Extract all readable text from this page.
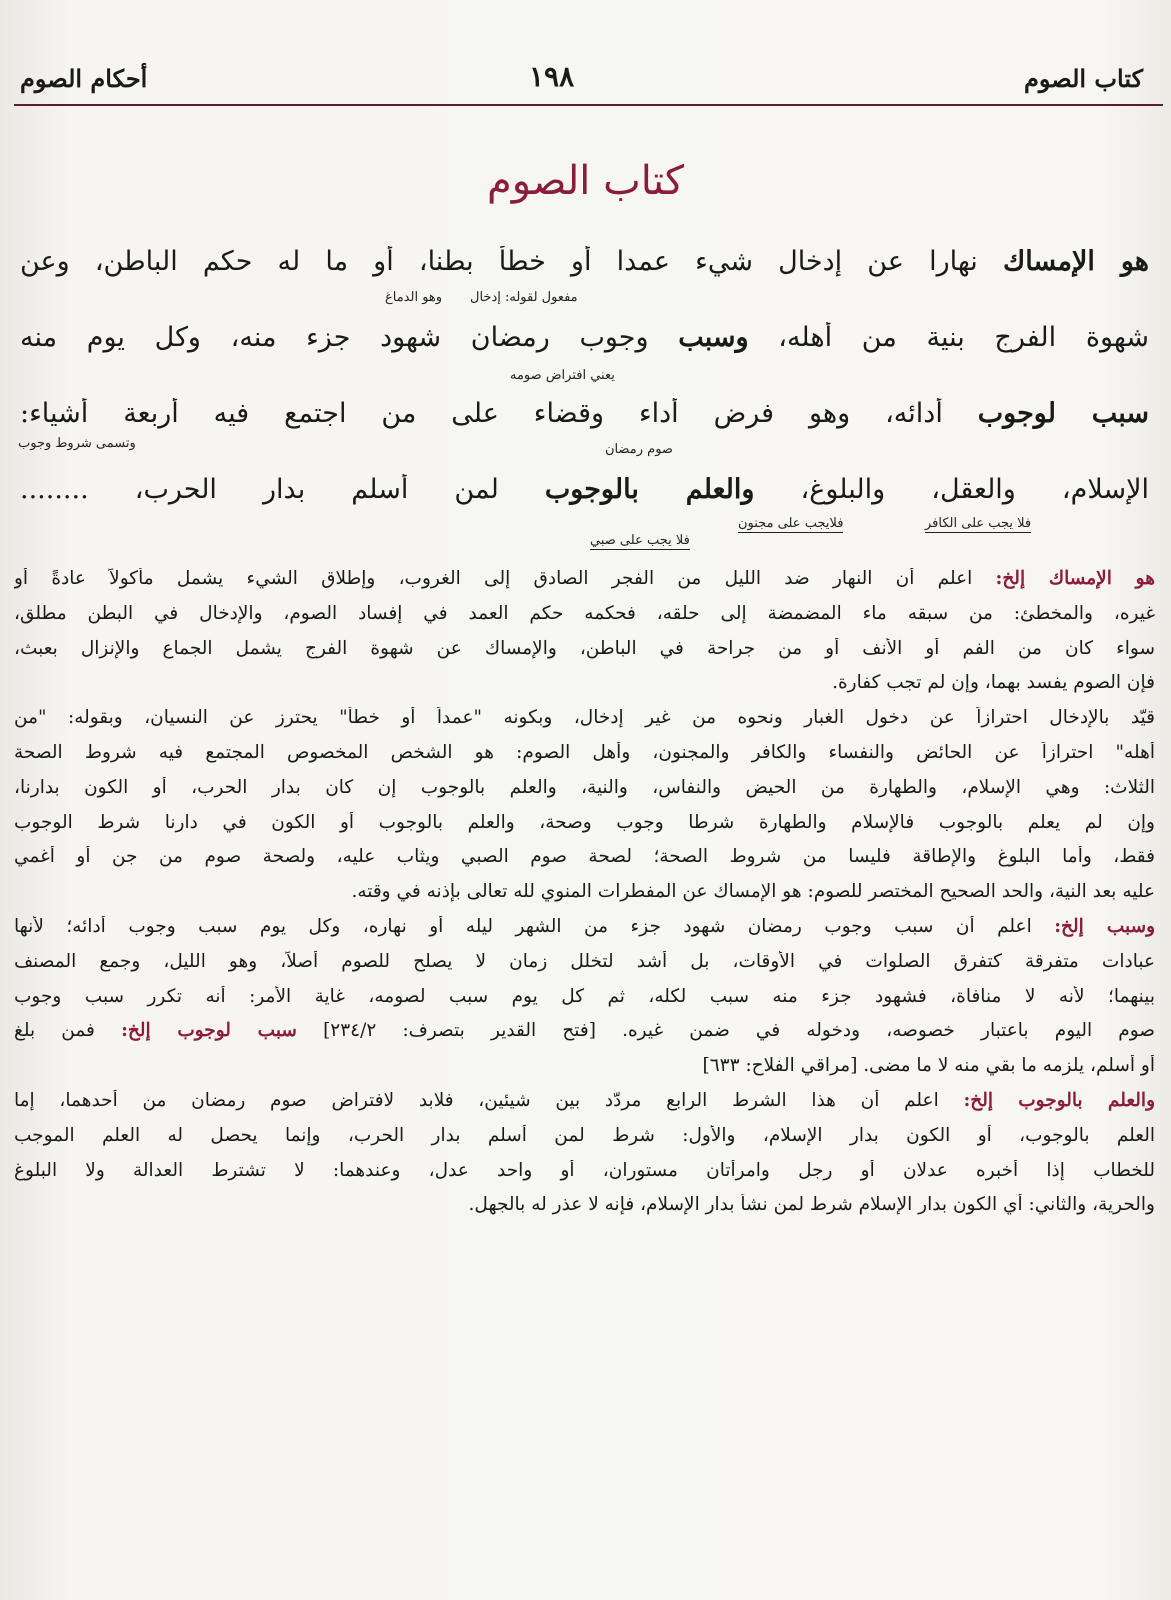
كتاب الصوم
١٩٨
أحكام الصوم
كتاب الصوم
هو الإمساك نهارا عن إدخال شيء عمدا أو خطأ بطنا، أو ما له حكم الباطن، وعن
مفعول لقوله: إدخال
وهو الدماغ
شهوة الفرج بنية من أهله، وسبب وجوب رمضان شهود جزء منه، وكل يوم منه
يعني افتراض صومه
سبب لوجوب أدائه، وهو فرض أداء وقضاء على من اجتمع فيه أربعة أشياء:
صوم رمضان
وتسمى شروط وجوب
الإسلام، والعقل، والبلوغ، والعلم بالوجوب لمن أسلم بدار الحرب، ........
فلا يجب على الكافر
فلايجب على مجنون
فلا يجب على صبي
هو الإمساك إلخ: اعلم أن النهار ضد الليل من الفجر الصادق إلى الغروب، وإطلاق الشيء يشمل مأكولاً عادةً أو
غيره، والمخطئ: من سبقه ماء المضمضة إلى حلقه، فحكمه حكم العمد في إفساد الصوم، والإدخال في البطن مطلق،
سواء كان من الفم أو الأنف أو من جراحة في الباطن، والإمساك عن شهوة الفرج يشمل الجماع والإنزال بعبث،
فإن الصوم يفسد بهما، وإن لم تجب كفارة.
قيّد بالإدخال احترازاً عن دخول الغبار ونحوه من غير إدخال، وبكونه "عمداً أو خطأً" يحترز عن النسيان، وبقوله: "من
أهله" احترازاً عن الحائض والنفساء والكافر والمجنون، وأهل الصوم: هو الشخص المخصوص المجتمع فيه شروط الصحة
الثلاث: وهي الإسلام، والطهارة من الحيض والنفاس، والنية، والعلم بالوجوب إن كان بدار الحرب، أو الكون بدارنا،
وإن لم يعلم بالوجوب فالإسلام والطهارة شرطا وجوب وصحة، والعلم بالوجوب أو الكون في دارنا شرط الوجوب
فقط، وأما البلوغ والإطاقة فليسا من شروط الصحة؛ لصحة صوم الصبي ويثاب عليه، ولصحة صوم من جن أو أغمي
عليه بعد النية، والحد الصحيح المختصر للصوم: هو الإمساك عن المفطرات المنوي لله تعالى بإذنه في وقته.
وسبب إلخ: اعلم أن سبب وجوب رمضان شهود جزء من الشهر ليله أو نهاره، وكل يوم سبب وجوب أدائه؛ لأنها
عبادات متفرقة كتفرق الصلوات في الأوقات، بل أشد لتخلل زمان لا يصلح للصوم أصلاً، وهو الليل، وجمع المصنف
بينهما؛ لأنه لا منافاة، فشهود جزء منه سبب لكله، ثم كل يوم سبب لصومه، غاية الأمر: أنه تكرر سبب وجوب
صوم اليوم باعتبار خصوصه، ودخوله في ضمن غيره. [فتح القدير بتصرف: ٢٣٤/٢] سبب لوجوب إلخ: فمن بلغ
أو أسلم، يلزمه ما بقي منه لا ما مضى. [مراقي الفلاح: ٦٣٣]
والعلم بالوجوب إلخ: اعلم أن هذا الشرط الرابع مردّد بين شيئين، فلابد لافتراض صوم رمضان من أحدهما، إما
العلم بالوجوب، أو الكون بدار الإسلام، والأول: شرط لمن أسلم بدار الحرب، وإنما يحصل له العلم الموجب
للخطاب إذا أخبره عدلان أو رجل وامرأتان مستوران، أو واحد عدل، وعندهما: لا تشترط العدالة ولا البلوغ
والحرية، والثاني: أي الكون بدار الإسلام شرط لمن نشأ بدار الإسلام، فإنه لا عذر له بالجهل.
